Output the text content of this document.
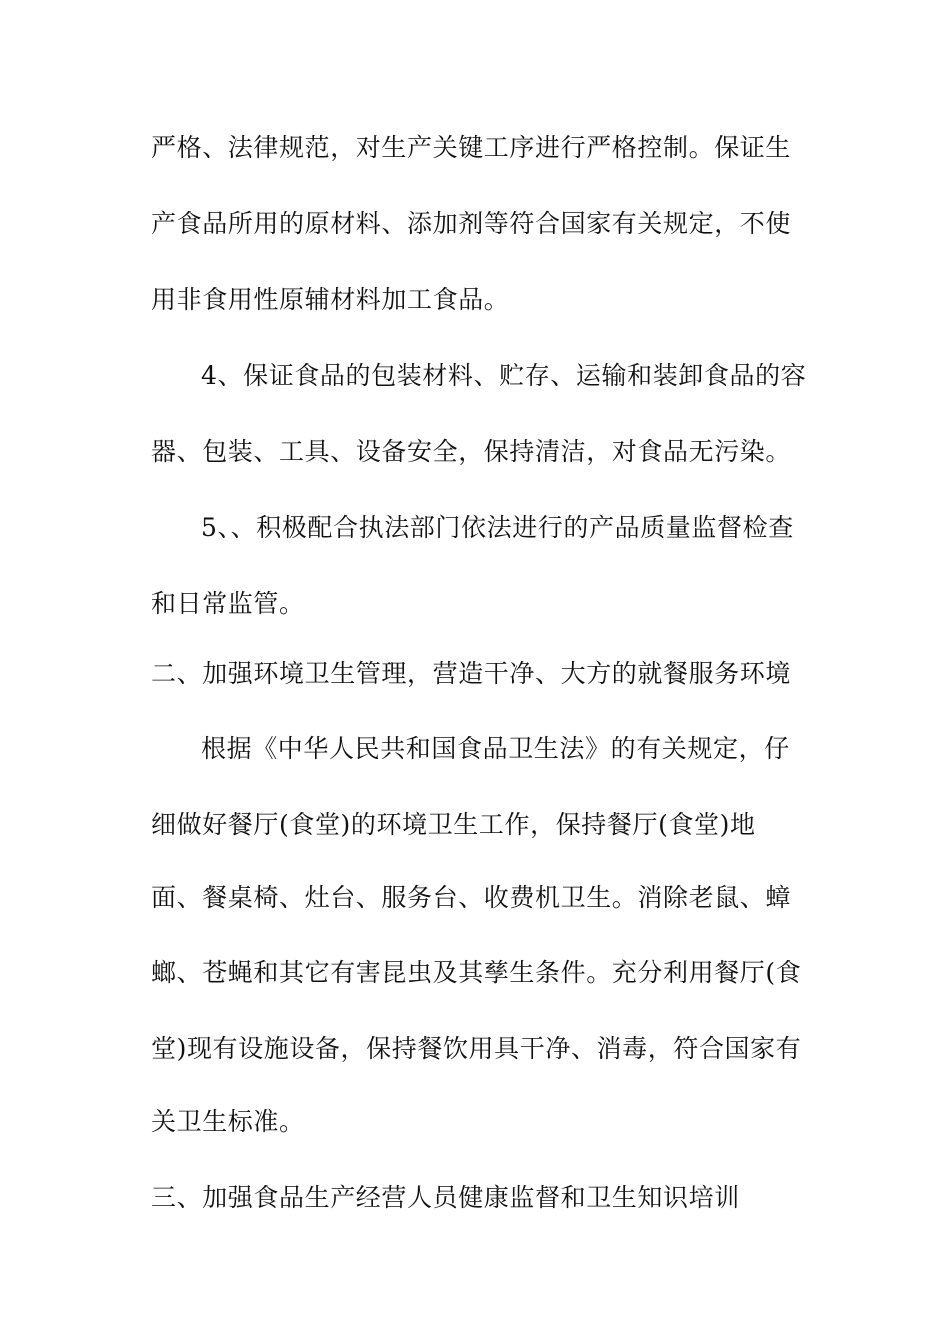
严格、法律规范，对生产关键工序进行严格控制。保证生
产食品所用的原材料、添加剂等符合国家有关规定，不使
用非食用性原辅材料加工食品。
4、保证食品的包装材料、贮存、运输和装卸食品的容
器、包装、工具、设备安全，保持清洁，对食品无污染。
5、、积极配合执法部门依法进行的产品质量监督检查
和日常监管。
二、加强环境卫生管理，营造干净、大方的就餐服务环境
根据《中华人民共和国食品卫生法》的有关规定，仔
细做好餐厅(食堂)的环境卫生工作，保持餐厅(食堂)地
面、餐桌椅、灶台、服务台、收费机卫生。消除老鼠、蟑
螂、苍蝇和其它有害昆虫及其孳生条件。充分利用餐厅(食
堂)现有设施设备，保持餐饮用具干净、消毒，符合国家有
关卫生标准。
三、加强食品生产经营人员健康监督和卫生知识培训
